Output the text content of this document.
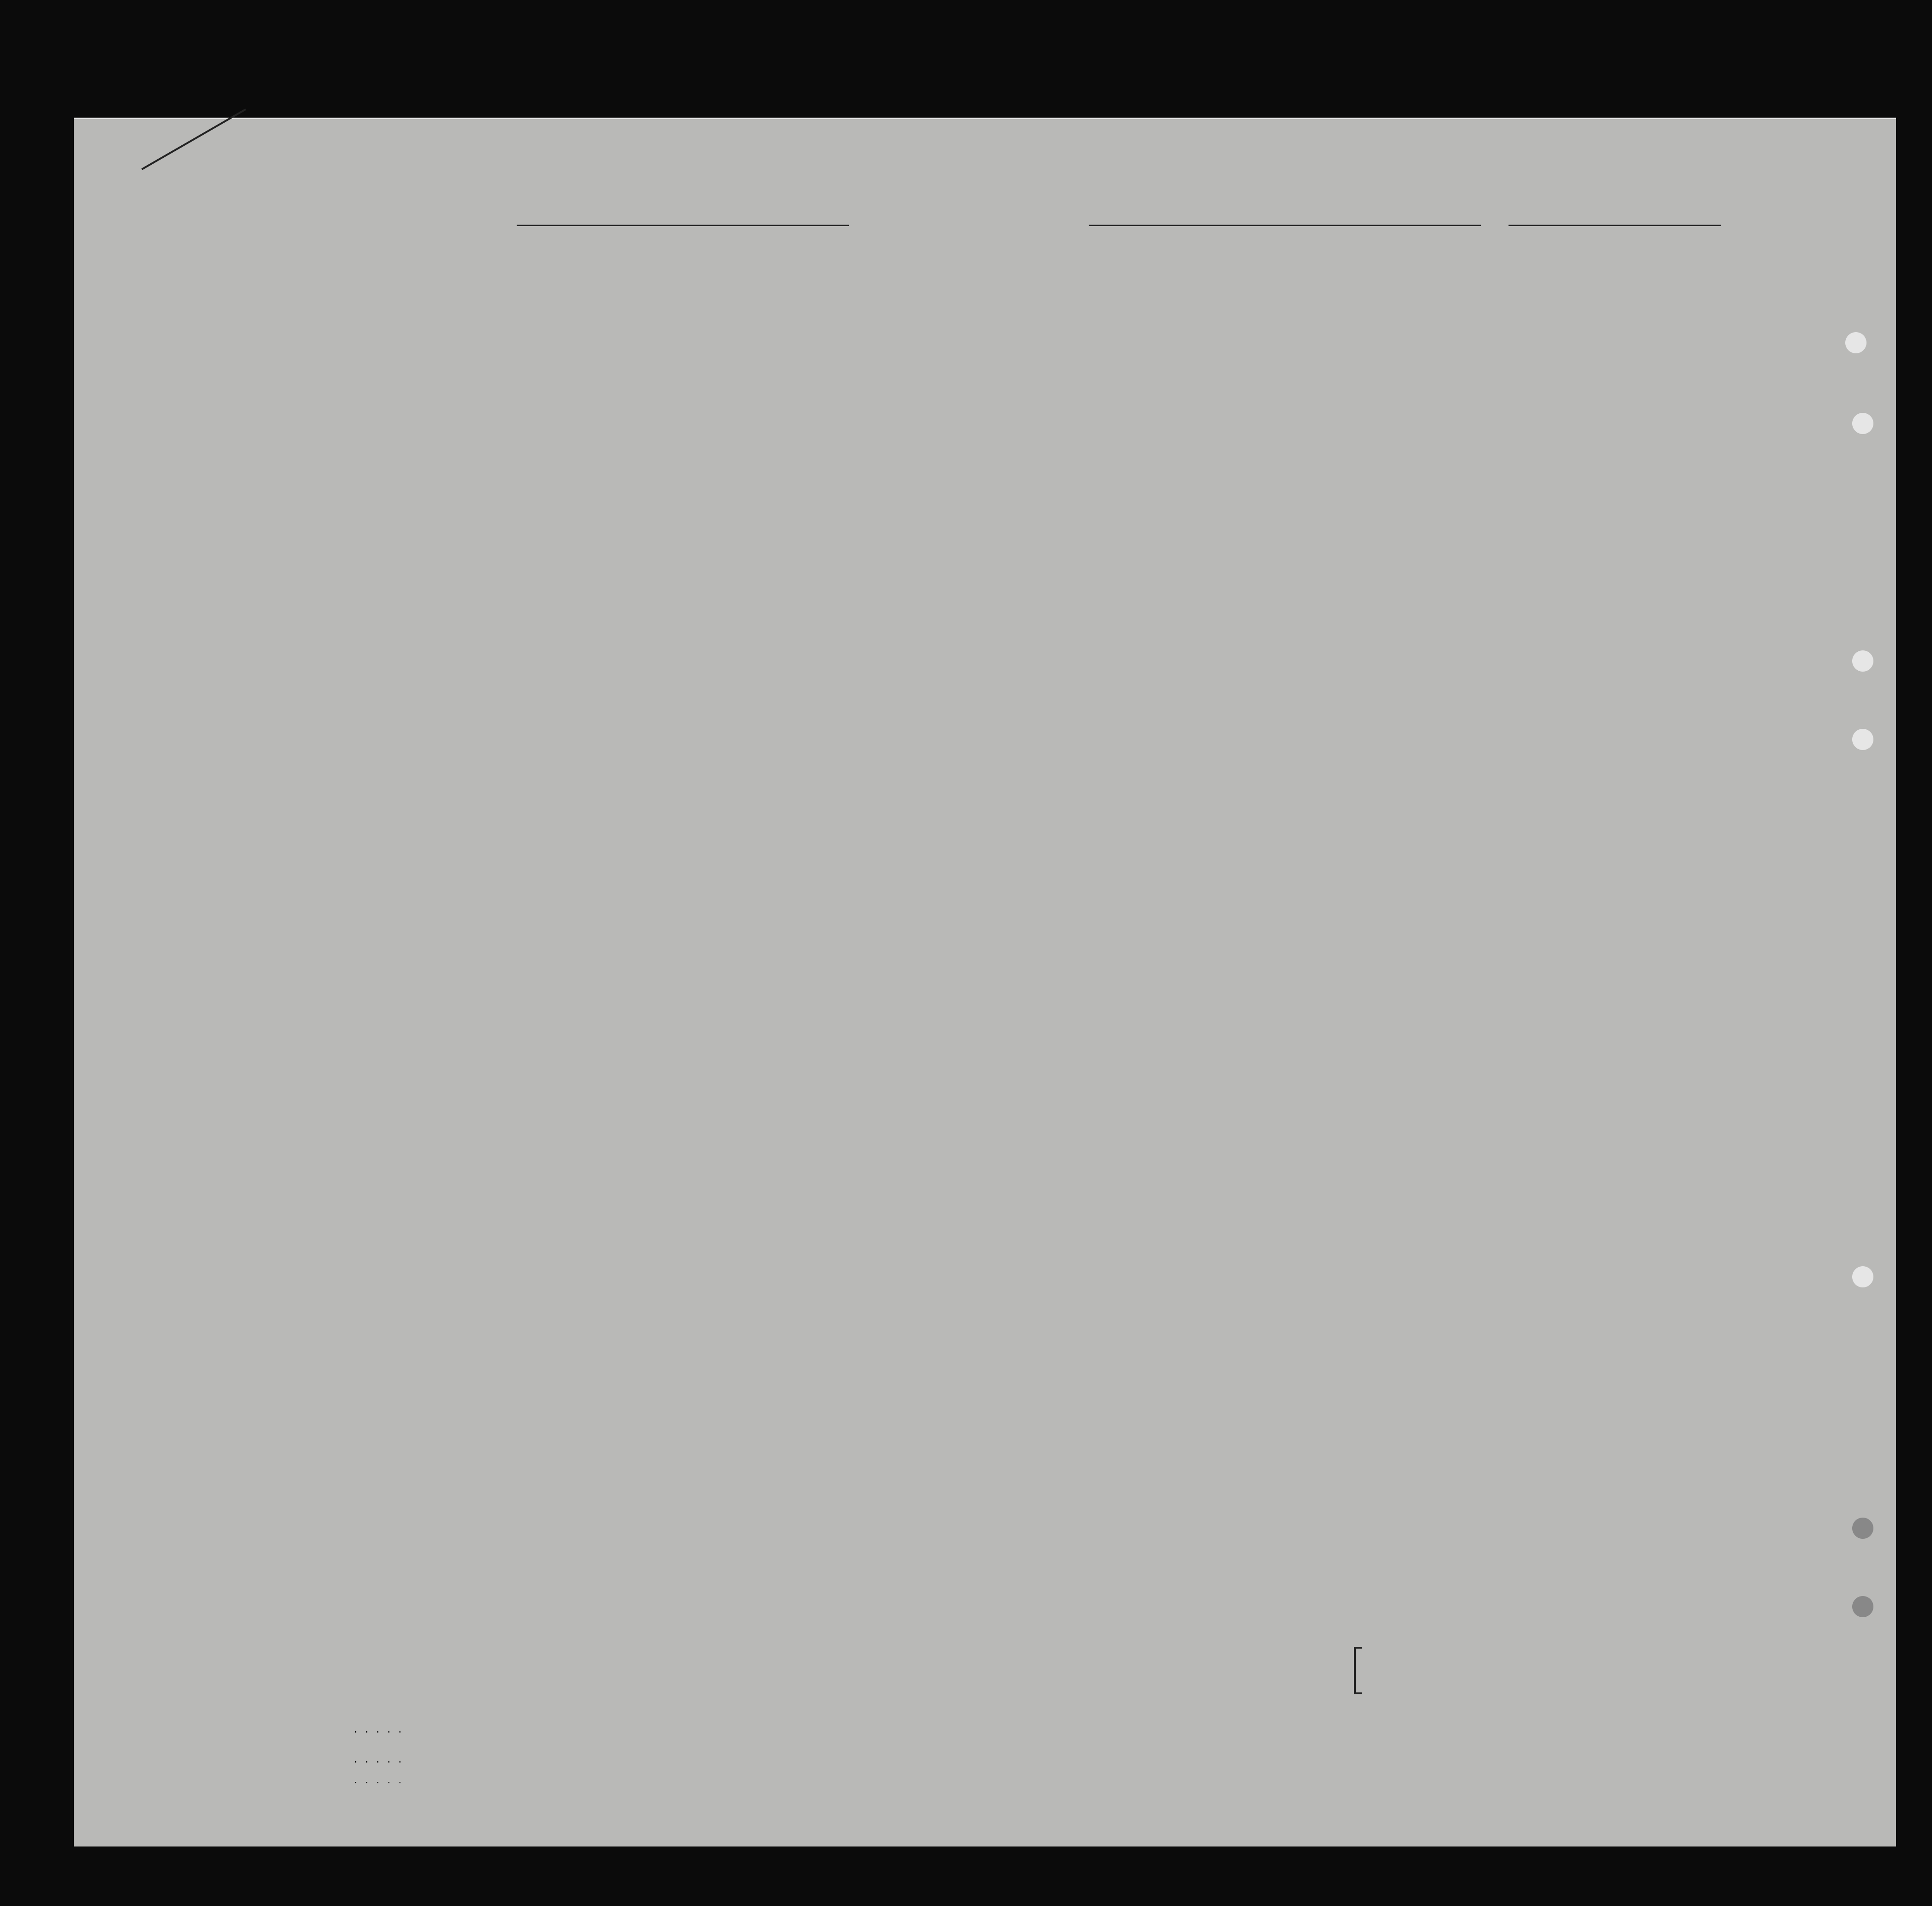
. . . . .
. . . . .
. . . . .
